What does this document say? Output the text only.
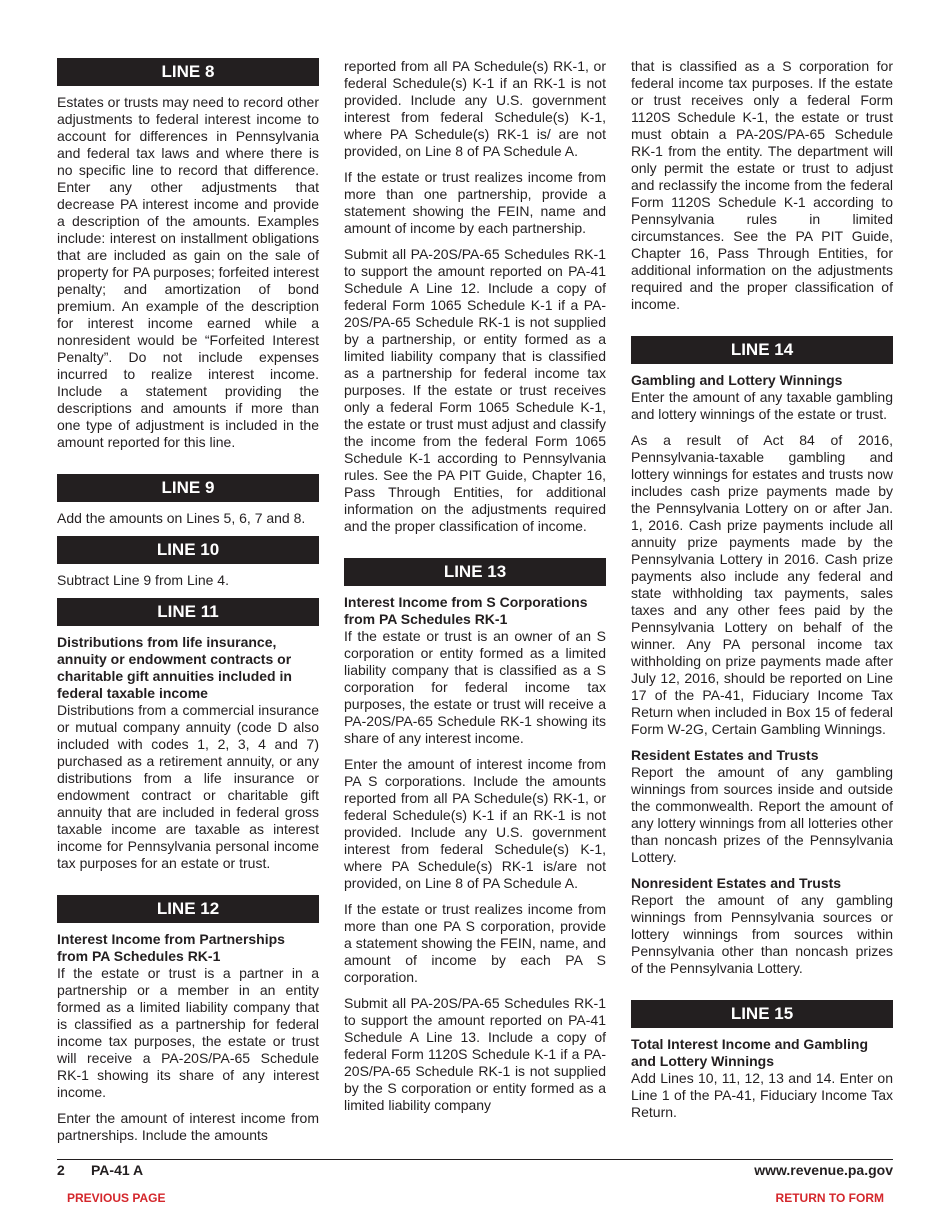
LINE 8

Estates or trusts may need to record other adjustments to federal interest income to account for differences in Pennsylvania and federal tax laws and where there is no specific line to record that difference. Enter any other adjustments that decrease PA interest income and provide a description of the amounts. Examples include: interest on installment obligations that are included as gain on the sale of property for PA purposes; forfeited interest penalty; and amortization of bond premium. An example of the description for interest income earned while a nonresident would be “Forfeited Interest Penalty”. Do not include expenses incurred to realize interest income. Include a statement providing the descriptions and amounts if more than one type of adjustment is included in the amount reported for this line.

LINE 9

Add the amounts on Lines 5, 6, 7 and 8.

LINE 10

Subtract Line 9 from Line 4.

LINE 11

Distributions from life insurance, annuity or endowment contracts or charitable gift annuities included in federal taxable income

Distributions from a commercial insurance or mutual company annuity (code D also included with codes 1, 2, 3, 4 and 7) purchased as a retirement annuity, or any distributions from a life insurance or endowment contract or charitable gift annuity that are included in federal gross taxable income are taxable as interest income for Pennsylvania personal income tax purposes for an estate or trust.

LINE 12

Interest Income from Partnerships from PA Schedules RK-1

If the estate or trust is a partner in a partnership or a member in an entity formed as a limited liability company that is classified as a partnership for federal income tax purposes, the estate or trust will receive a PA-20S/PA-65 Schedule RK-1 showing its share of any interest income.

Enter the amount of interest income from partnerships. Include the amounts

reported from all PA Schedule(s) RK-1, or federal Schedule(s) K-1 if an RK-1 is not provided. Include any U.S. government interest from federal Schedule(s) K-1, where PA Schedule(s) RK-1 is/ are not provided, on Line 8 of PA Schedule A.

If the estate or trust realizes income from more than one partnership, provide a statement showing the FEIN, name and amount of income by each partnership.

Submit all PA-20S/PA-65 Schedules RK-1 to support the amount reported on PA-41 Schedule A Line 12. Include a copy of federal Form 1065 Schedule K-1 if a PA-20S/PA-65 Schedule RK-1 is not supplied by a partnership, or entity formed as a limited liability company that is classified as a partnership for federal income tax purposes. If the estate or trust receives only a federal Form 1065 Schedule K-1, the estate or trust must adjust and classify the income from the federal Form 1065 Schedule K-1 according to Pennsylvania rules. See the PA PIT Guide, Chapter 16, Pass Through Entities, for additional information on the adjustments required and the proper classification of income.

LINE 13

Interest Income from S Corporations from PA Schedules RK-1

If the estate or trust is an owner of an S corporation or entity formed as a limited liability company that is classified as a S corporation for federal income tax purposes, the estate or trust will receive a PA-20S/PA-65 Schedule RK-1 showing its share of any interest income.

Enter the amount of interest income from PA S corporations. Include the amounts reported from all PA Schedule(s) RK-1, or federal Schedule(s) K-1 if an RK-1 is not provided. Include any U.S. government interest from federal Schedule(s) K-1, where PA Schedule(s) RK-1 is/are not provided, on Line 8 of PA Schedule A.

If the estate or trust realizes income from more than one PA S corporation, provide a statement showing the FEIN, name, and amount of income by each PA S corporation.

Submit all PA-20S/PA-65 Schedules RK-1 to support the amount reported on PA-41 Schedule A Line 13. Include a copy of federal Form 1120S Schedule K-1 if a PA-20S/PA-65 Schedule RK-1 is not supplied by the S corporation or entity formed as a limited liability company

that is classified as a S corporation for federal income tax purposes. If the estate or trust receives only a federal Form 1120S Schedule K-1, the estate or trust must obtain a PA-20S/PA-65 Schedule RK-1 from the entity. The department will only permit the estate or trust to adjust and reclassify the income from the federal Form 1120S Schedule K-1 according to Pennsylvania rules in limited circumstances. See the PA PIT Guide, Chapter 16, Pass Through Entities, for additional information on the adjustments required and the proper classification of income.

LINE 14

Gambling and Lottery Winnings

Enter the amount of any taxable gambling and lottery winnings of the estate or trust.

As a result of Act 84 of 2016, Pennsylvania-taxable gambling and lottery winnings for estates and trusts now includes cash prize payments made by the Pennsylvania Lottery on or after Jan. 1, 2016. Cash prize payments include all annuity prize payments made by the Pennsylvania Lottery in 2016. Cash prize payments also include any federal and state withholding tax payments, sales taxes and any other fees paid by the Pennsylvania Lottery on behalf of the winner. Any PA personal income tax withholding on prize payments made after July 12, 2016, should be reported on Line 17 of the PA-41, Fiduciary Income Tax Return when included in Box 15 of federal Form W-2G, Certain Gambling Winnings.

Resident Estates and Trusts

Report the amount of any gambling winnings from sources inside and outside the commonwealth. Report the amount of any lottery winnings from all lotteries other than noncash prizes of the Pennsylvania Lottery.

Nonresident Estates and Trusts

Report the amount of any gambling winnings from Pennsylvania sources or lottery winnings from sources within Pennsylvania other than noncash prizes of the Pennsylvania Lottery.

LINE 15

Total Interest Income and Gambling and Lottery Winnings

Add Lines 10, 11, 12, 13 and 14. Enter on Line 1 of the PA-41, Fiduciary Income Tax Return.

2 PA-41 A	www.revenue.pa.gov
PREVIOUS PAGE	RETURN TO FORM
